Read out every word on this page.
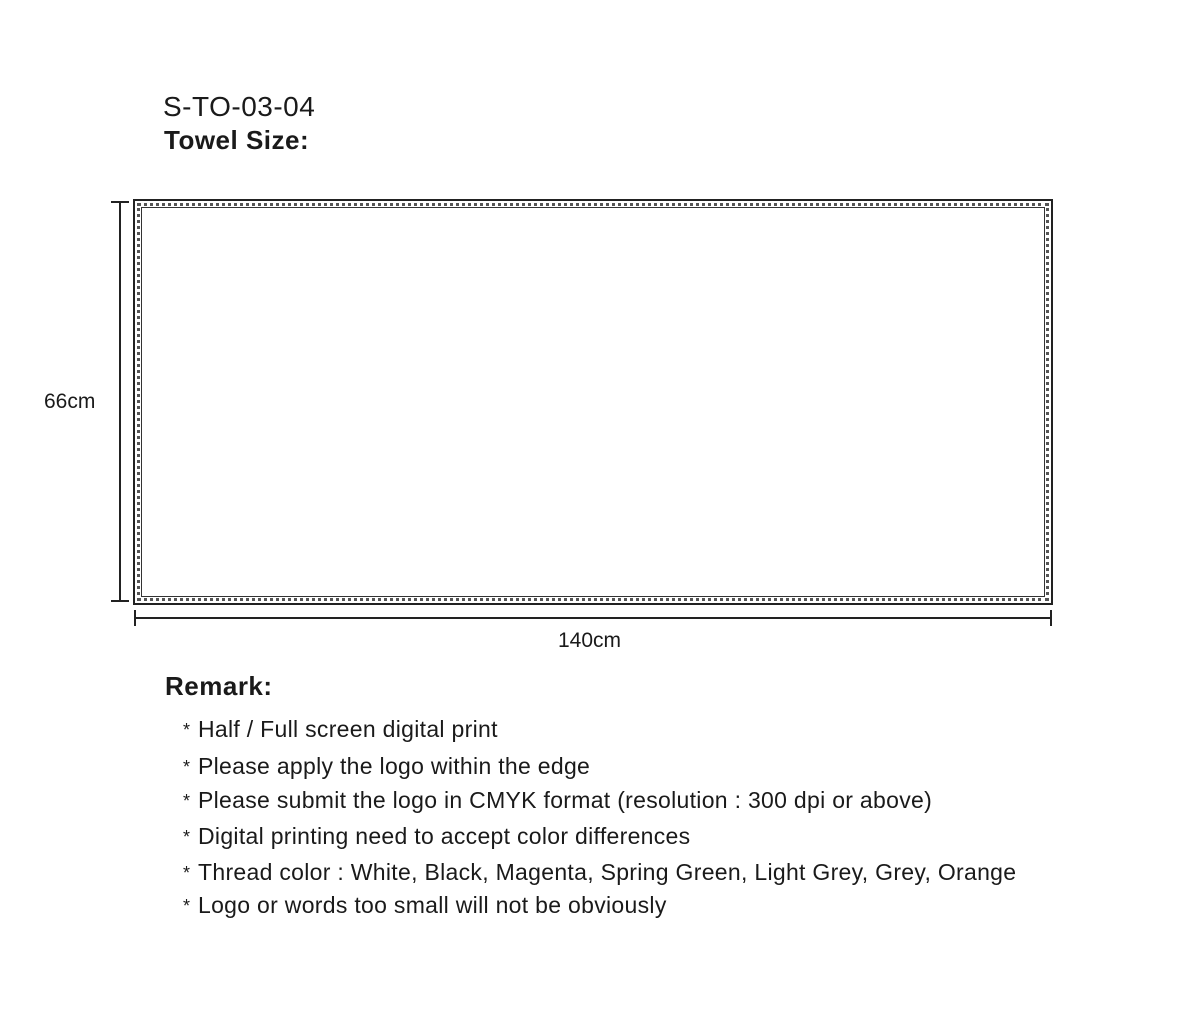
S-TO-03-04
Towel Size:
66cm
140cm
Remark:
* Half / Full screen digital print
* Please apply the logo within the edge
* Please submit the logo in CMYK format (resolution : 300 dpi or above)
* Digital printing need to accept color differences
* Thread color : White, Black, Magenta, Spring Green, Light Grey, Grey, Orange
* Logo or words too small will not be obviously
